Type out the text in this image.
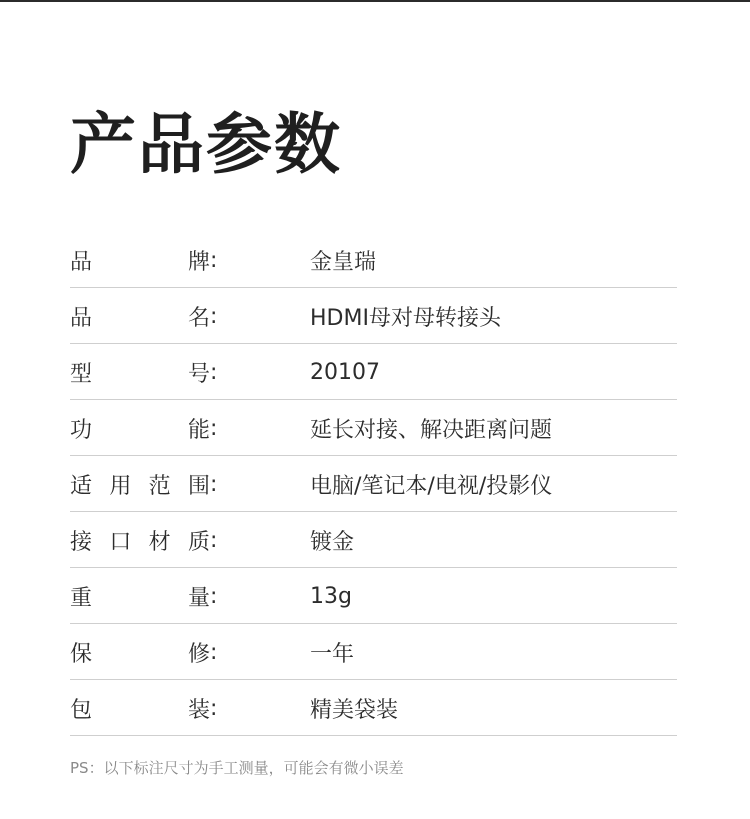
产品参数
品	牌 :	金皇瑞
品	名 :	HDMI母对母转接头
型	号 :	20107
功	能 :	延长对接、解决距离问题
适 用 范 围 :	电脑/笔记本/电视/投影仪
接 口 材 质 :	镀金
重	量 :	13g
保	修 :	一年
包	装 :	精美袋装
PS：以下标注尺寸为手工测量，可能会有微小误差
